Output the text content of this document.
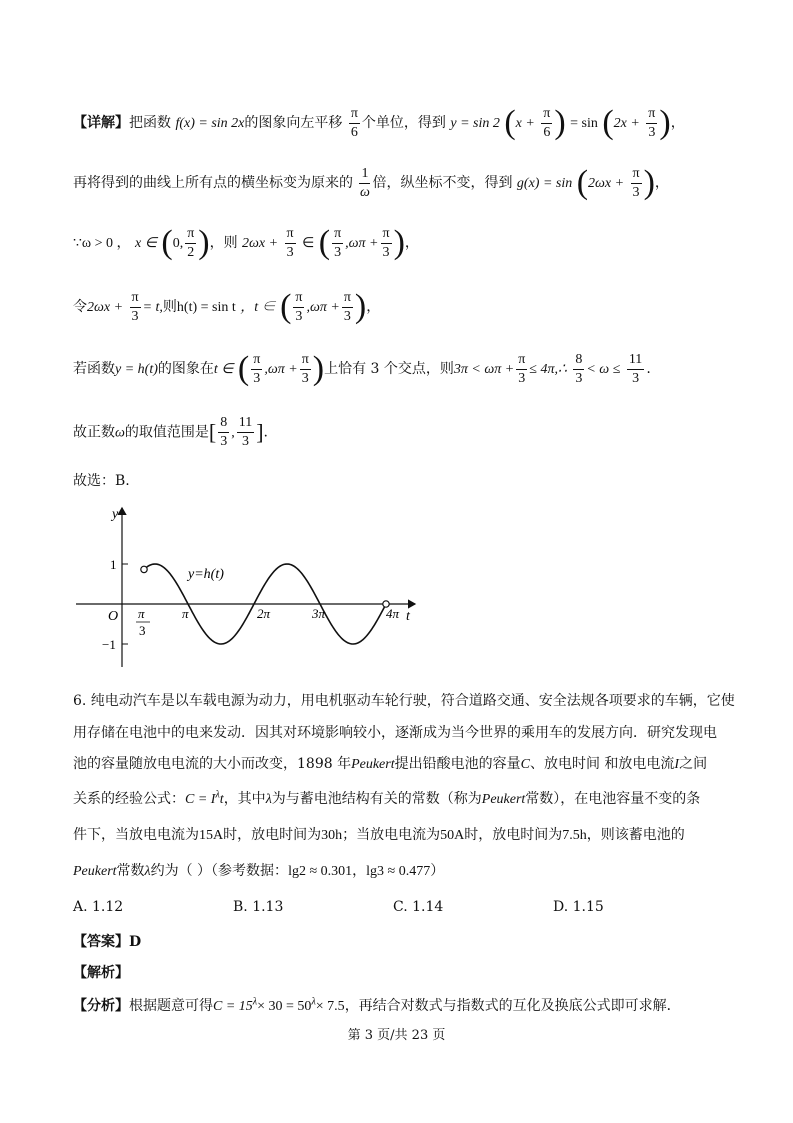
【详解】把函数 f(x) = sin 2x的图象向左平移 $\frac{\pi}{6}$ 个单位，得到 y = sin 2 ($x + \frac{\pi}{6}$ ) = $\sin (2x + \frac{\pi}{3}$ )，
再将得到的曲线上所有点的横坐标变为原来的 $\frac{1}{\omega}$ 倍，纵坐标不变，得到 $g(x) = \sin (2\omega x + \frac{\pi}{3}$ )，
∵ω > 0 ， x ∈ (0, $\frac{\pi}{2}$ )，则 $2\omega x + \frac{\pi}{3}$ ∈ ( $\frac{\pi}{3} ,\omega\pi + \frac{\pi}{3}$ )，
令$2\omega x + \frac{\pi}{3} = t$,则h(t) = sin t ，t ∈ ( $\frac{\pi}{3} ,\omega\pi + \frac{\pi}{3}$ )，
若函数y = h(t)的图象在t ∈ ( $\frac{\pi}{3} ,\omega\pi + \frac{\pi}{3}$ )上恰有 3 个交点，则$3\pi < \omega\pi + \frac{\pi}{3}$ ≤ 4π,∴ $\frac{8}{3} < \omega \le \frac{11}{3}$ .
故正数ω的取值范围是[ $\frac{8}{3}$ , $\frac{11}{3}$ ].
故选：B.
y
t
O
1
−1
y=h(t)
π
3
π	2π	3π	4π
6. 纯电动汽车是以车载电源为动力，用电机驱动车轮行驶，符合道路交通、安全法规各项要求的车辆，它使
用存储在电池中的电来发动．因其对环境影响较小，逐渐成为当今世界的乘用车的发展方向．研究发现电
池的容量随放电电流的大小而改变，1898 年Peukert提出铅酸电池的容量C、放电时间 和放电电流I之间
关系的经验公式：$C = I^\lambda t$，其中λ为与蓄电池结构有关的常数（称为Peukert常数），在电池容量不变的条
件下，当放电电流为15A时，放电时间为30h；当放电电流为50A时，放电时间为7.5h，则该蓄电池的
Peukert常数λ约为（ ）（参考数据：lg2 ≈ 0.301，lg3 ≈ 0.477）
A. 1.12	B. 1.13	C. 1.14	D. 1.15
【答案】D
【解析】
【分析】根据题意可得$C = 15^\lambda\times 30 = 50^\lambda\times 7.5$，再结合对数式与指数式的互化及换底公式即可求解．
第 3 页/共 23 页
